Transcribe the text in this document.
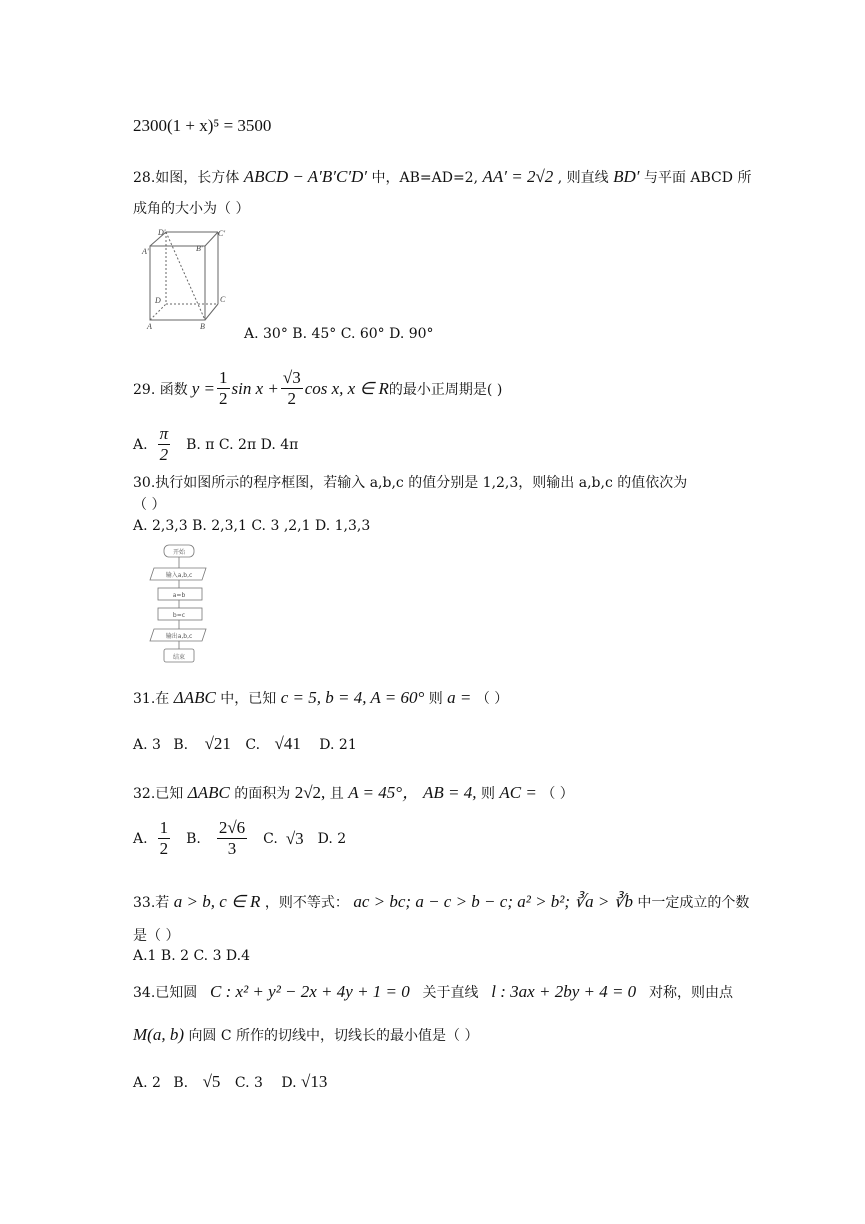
2300(1 + x)⁵ = 3500
28.如图，长方体 ABCD − A′B′C′D′ 中，AB=AD=2, AA′ = 2√2 , 则直线 BD′ 与平面 ABCD 所
成角的大小为（ ）
D'	C'
A'	B'
D	C
A	B	A. 30° B. 45° C. 60° D. 90°
29. 函数 $y = \frac{1}{2}$ $\sin x + \frac{√3}{2}$ cos x, x ∈ R 的最小正周期是( )
A. $\frac{\pi}{2} B$. π C. 2π D. 4π
30.执行如图所示的程序框图，若输入 a,b,c 的值分别是 1,2,3，则输出 a,b,c 的值依次为
（ ）
A. 2,3,3 B. 2,3,1 C. 3 ,2,1 D. 1,3,3
开始
输入a,b,c
a=b
b=c
输出a,b,c
结束
31.在 ΔABC 中，已知 c = 5, b = 4, A = 60° 则 a = （ ）
A. 3 B. √21 C. √41 D. 21
32.已知 ΔABC 的面积为 2√2, 且 A = 45°， AB = 4, 则 AC = （ ）
A. $\frac{1}{2} B$. $\frac{2√6}{3} C$. √3 D. 2
33.若 a > b, c ∈ R ，则不等式： ac > bc; a − c > b − c; a² > b²; ∛a > ∛b 中一定成立的个数
是（ ）
A.1 B. 2 C. 3 D.4
34.已知圆 C : x² + y² − 2x + 4y + 1 = 0 关于直线 l : 3ax + 2by + 4 = 0 对称，则由点
M(a, b) 向圆 C 所作的切线中，切线长的最小值是（ ）
A. 2 B. √5 C. 3 D. √13
